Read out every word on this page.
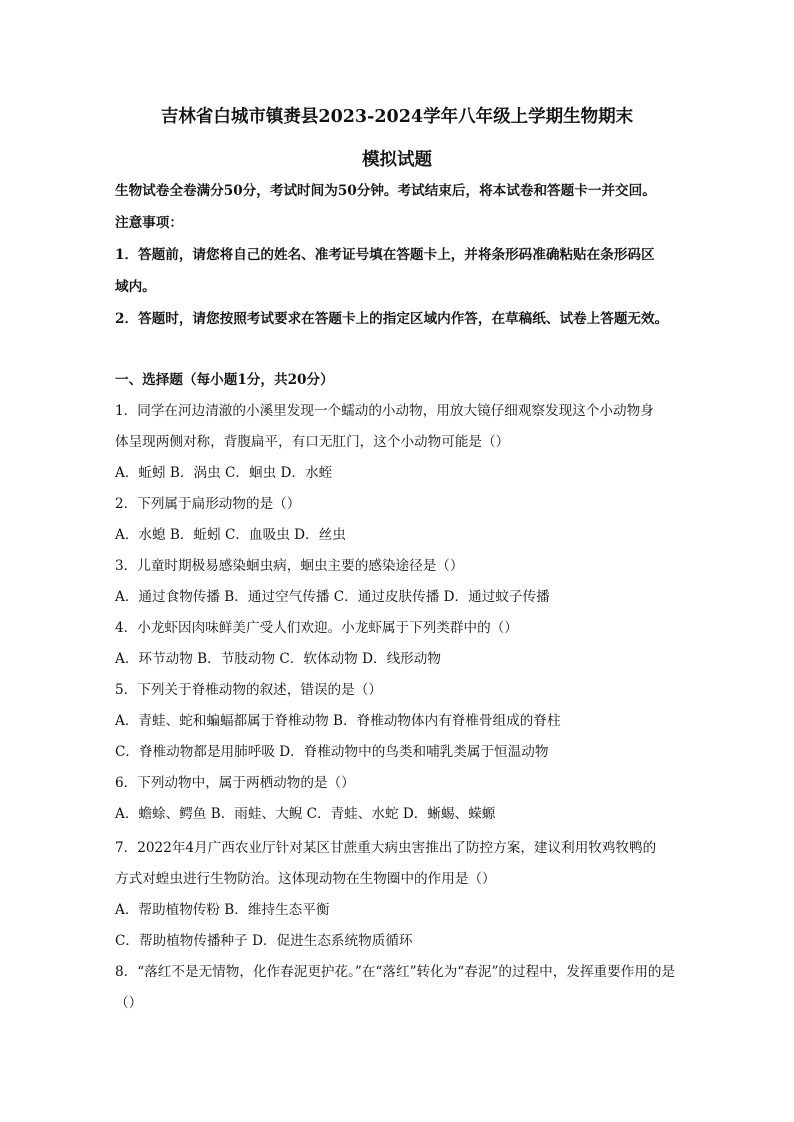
吉林省白城市镇赉县2023-2024学年八年级上学期生物期末
模拟试题
生物试卷全卷满分50分，考试时间为50分钟。考试结束后，将本试卷和答题卡一并交回。
注意事项：
1．答题前，请您将自己的姓名、准考证号填在答题卡上，并将条形码准确粘贴在条形码区
域内。
2．答题时，请您按照考试要求在答题卡上的指定区域内作答，在草稿纸、试卷上答题无效。
一、选择题（每小题1分，共20分）
1．同学在河边清澈的小溪里发现一个蠕动的小动物，用放大镜仔细观察发现这个小动物身
体呈现两侧对称，背腹扁平，有口无肛门，这个小动物可能是（）
A．蚯蚓 B．涡虫 C．蛔虫 D．水蛭
2．下列属于扁形动物的是（）
A．水螅 B．蚯蚓 C．血吸虫 D．丝虫
3．儿童时期极易感染蛔虫病，蛔虫主要的感染途径是（）
A．通过食物传播 B．通过空气传播 C．通过皮肤传播 D．通过蚊子传播
4．小龙虾因肉味鲜美广受人们欢迎。小龙虾属于下列类群中的（）
A．环节动物 B．节肢动物 C．软体动物 D．线形动物
5．下列关于脊椎动物的叙述，错误的是（）
A．青蛙、蛇和蝙蝠都属于脊椎动物 B．脊椎动物体内有脊椎骨组成的脊柱
C．脊椎动物都是用肺呼吸 D．脊椎动物中的鸟类和哺乳类属于恒温动物
6．下列动物中，属于两栖动物的是（）
A．蟾蜍、鳄鱼 B．雨蛙、大鲵 C．青蛙、水蛇 D．蜥蜴、蝾螈
7．2022年4月广西农业厅针对某区甘蔗重大病虫害推出了防控方案，建议利用牧鸡牧鸭的
方式对蝗虫进行生物防治。这体现动物在生物圈中的作用是（）
A．帮助植物传粉 B．维持生态平衡
C．帮助植物传播种子 D．促进生态系统物质循环
8．“落红不是无情物，化作春泥更护花。”在“落红”转化为“春泥”的过程中，发挥重要作用的是
（）
